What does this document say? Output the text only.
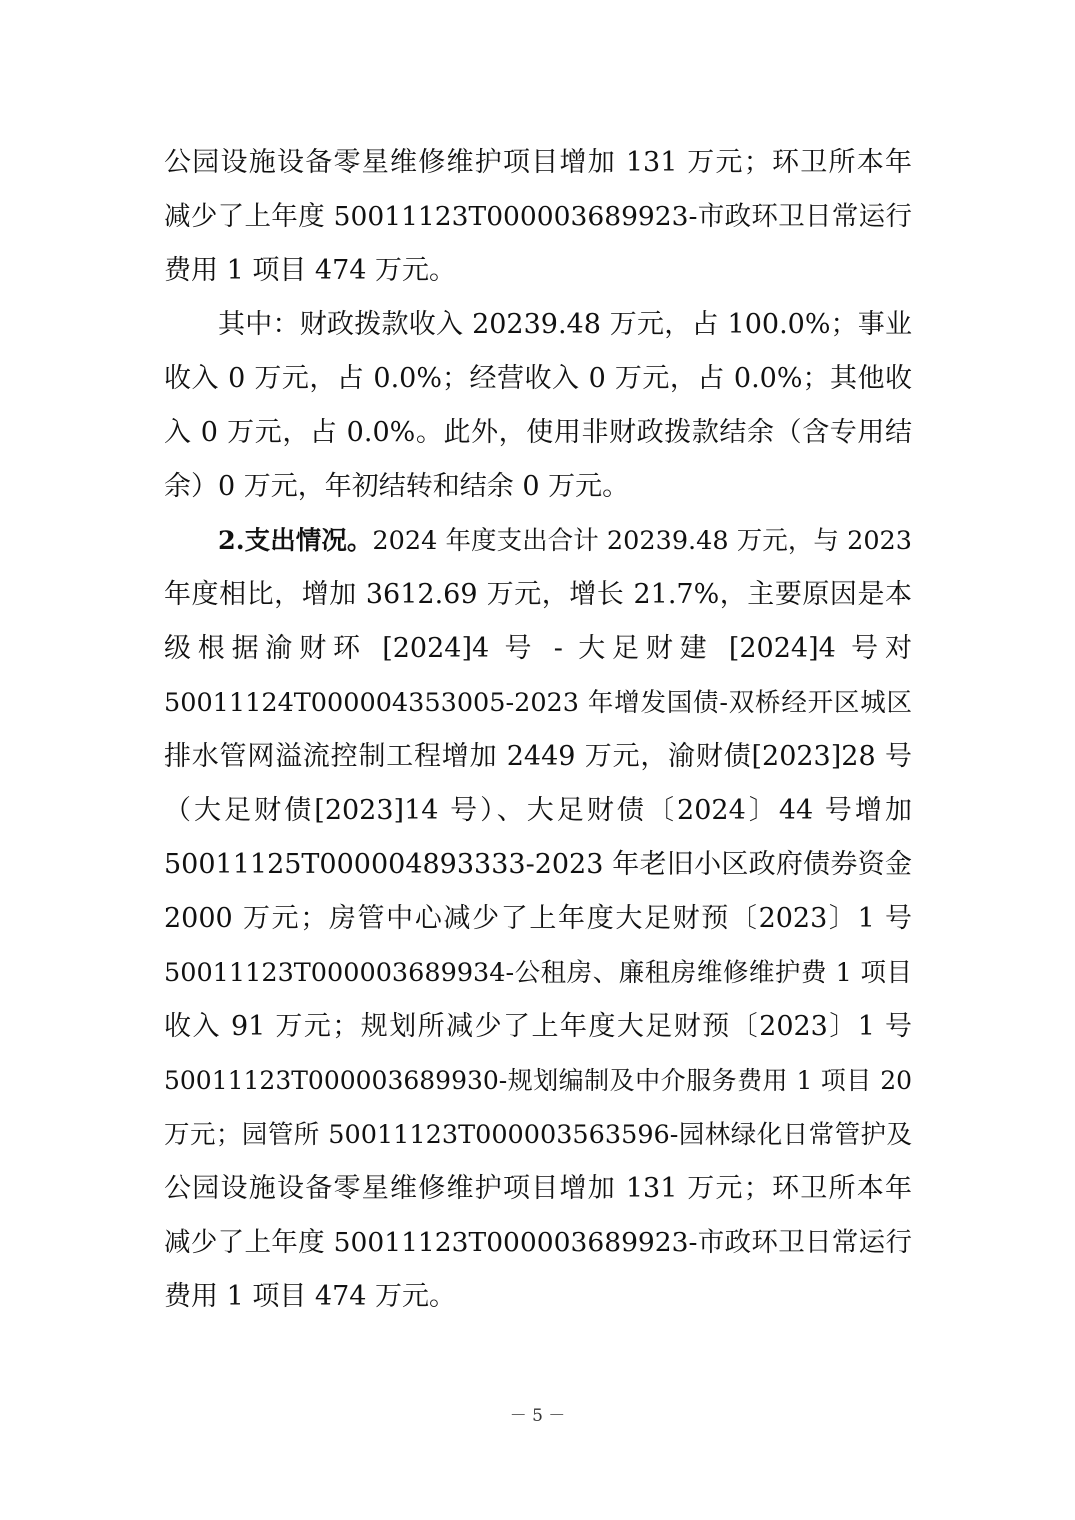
公园设施设备零星维修维护项目增加 131 万元；环卫所本年
减少了上年度 50011123T000003689923-市政环卫日常运行
费用 1 项目 474 万元。
其中：财政拨款收入 20239.48 万元，占 100.0%；事业
收入 0 万元，占 0.0%；经营收入 0 万元，占 0.0%；其他收
入 0 万元，占 0.0%。此外，使用非财政拨款结余（含专用结
余）0 万元，年初结转和结余 0 万元。
2.支出情况。2024 年度支出合计 20239.48 万元，与 2023
年度相比，增加 3612.69 万元，增长 21.7%，主要原因是本
级根据渝财环 [2024]4 号 - 大足财建 [2024]4 号对
50011124T000004353005-2023 年增发国债-双桥经开区城区
排水管网溢流控制工程增加 2449 万元，渝财债[2023]28 号
（大足财债[2023]14 号）、大足财债〔2024〕44 号增加
50011125T000004893333-2023 年老旧小区政府债券资金
2000 万元；房管中心减少了上年度大足财预〔2023〕1 号
50011123T000003689934-公租房、廉租房维修维护费 1 项目
收入 91 万元；规划所减少了上年度大足财预〔2023〕1 号
50011123T000003689930-规划编制及中介服务费用 1 项目 20
万元；园管所 50011123T000003563596-园林绿化日常管护及
公园设施设备零星维修维护项目增加 131 万元；环卫所本年
减少了上年度 50011123T000003689923-市政环卫日常运行
费用 1 项目 474 万元。
－ 5 －
